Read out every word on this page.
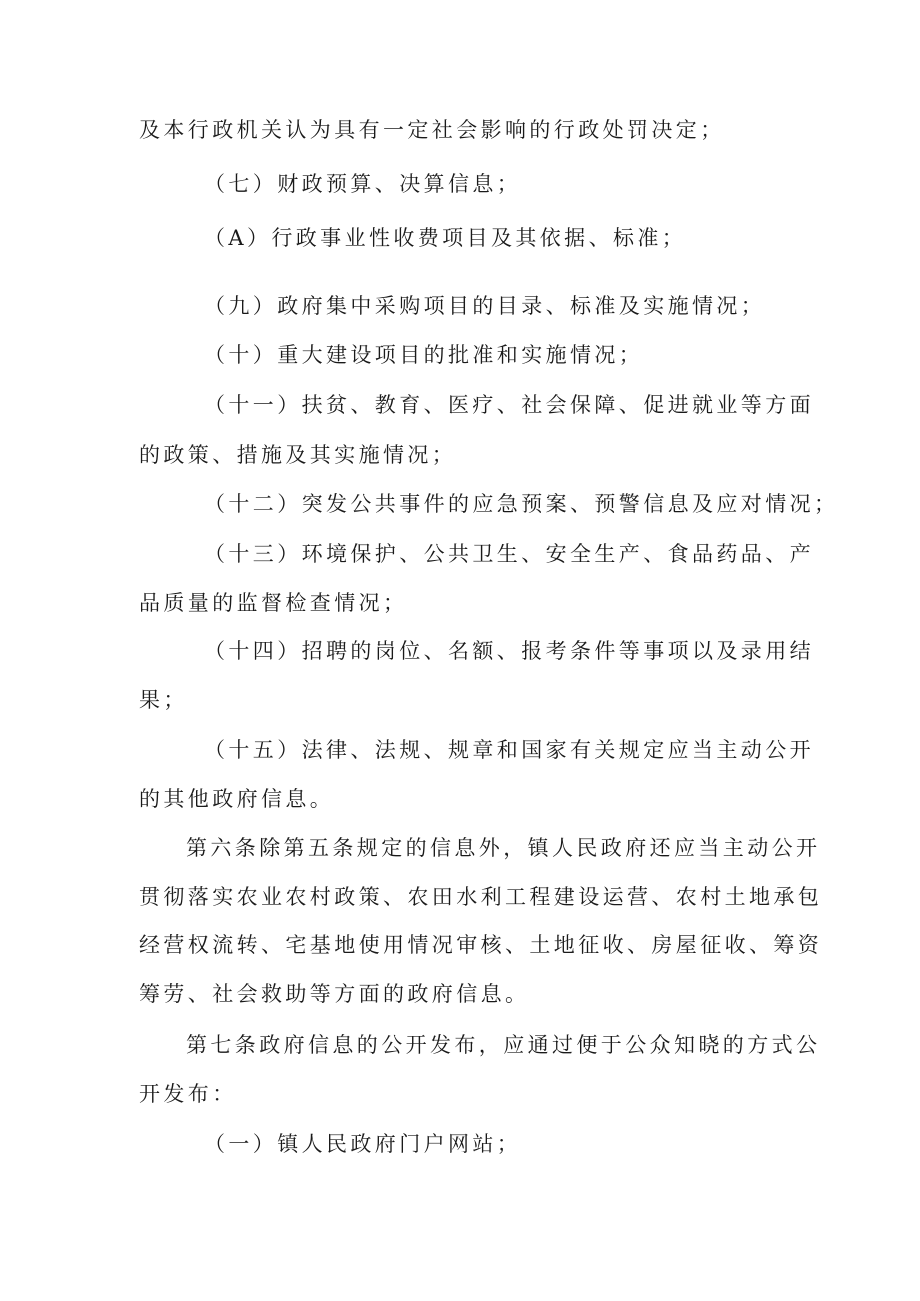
及本行政机关认为具有一定社会影响的行政处罚决定；
（七）财政预算、决算信息；
（A）行政事业性收费项目及其依据、标准；
（九）政府集中采购项目的目录、标准及实施情况；
（十）重大建设项目的批准和实施情况；
（十一）扶贫、教育、医疗、社会保障、促进就业等方面
的政策、措施及其实施情况；
（十二）突发公共事件的应急预案、预警信息及应对情况；
（十三）环境保护、公共卫生、安全生产、食品药品、产
品质量的监督检查情况；
（十四）招聘的岗位、名额、报考条件等事项以及录用结
果；
（十五）法律、法规、规章和国家有关规定应当主动公开
的其他政府信息。
第六条除第五条规定的信息外，镇人民政府还应当主动公开
贯彻落实农业农村政策、农田水利工程建设运营、农村土地承包
经营权流转、宅基地使用情况审核、土地征收、房屋征收、筹资
筹劳、社会救助等方面的政府信息。
第七条政府信息的公开发布，应通过便于公众知晓的方式公
开发布：
（一）镇人民政府门户网站；
